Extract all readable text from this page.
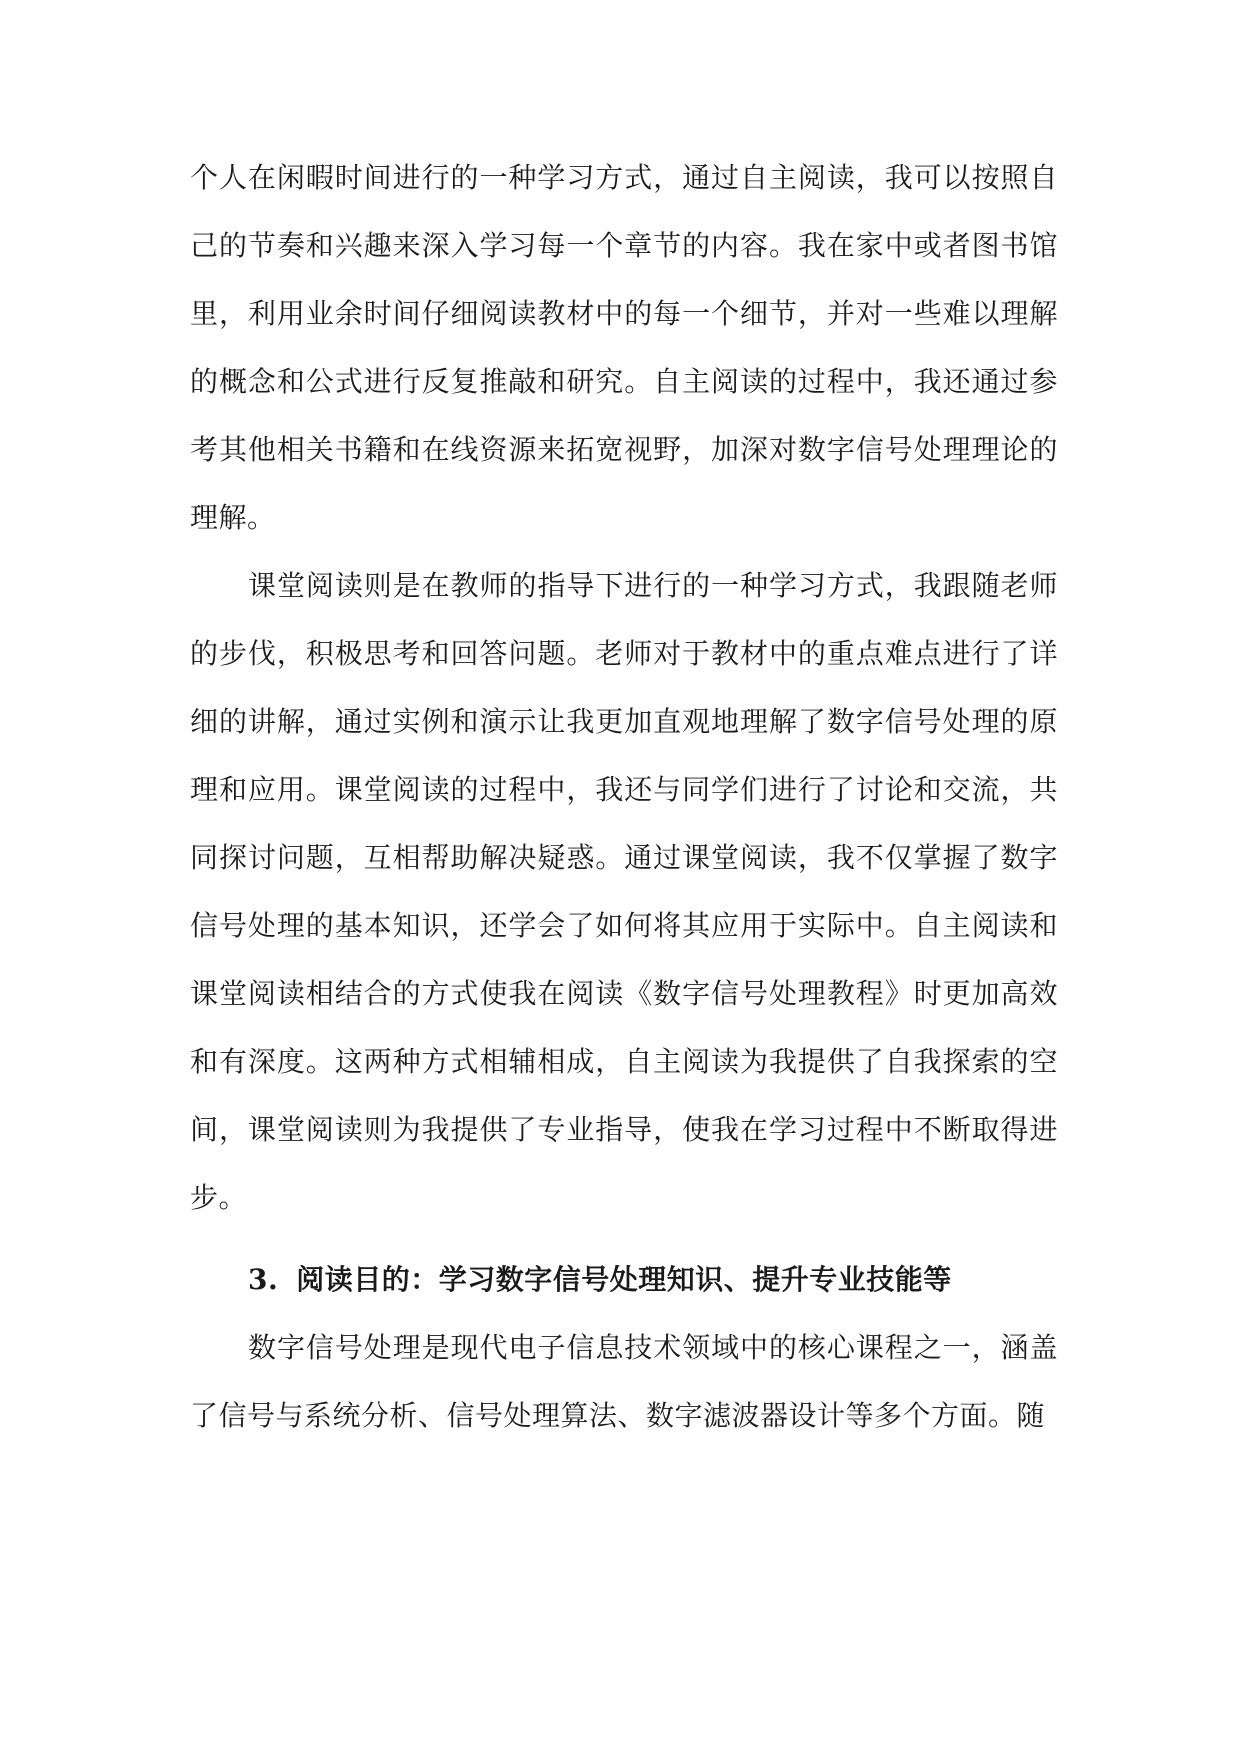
个人在闲暇时间进行的一种学习方式，通过自主阅读，我可以按照自己的节奏和兴趣来深入学习每一个章节的内容。我在家中或者图书馆里，利用业余时间仔细阅读教材中的每一个细节，并对一些难以理解的概念和公式进行反复推敲和研究。自主阅读的过程中，我还通过参考其他相关书籍和在线资源来拓宽视野，加深对数字信号处理理论的理解。

课堂阅读则是在教师的指导下进行的一种学习方式，我跟随老师的步伐，积极思考和回答问题。老师对于教材中的重点难点进行了详细的讲解，通过实例和演示让我更加直观地理解了数字信号处理的原理和应用。课堂阅读的过程中，我还与同学们进行了讨论和交流，共同探讨问题，互相帮助解决疑惑。通过课堂阅读，我不仅掌握了数字信号处理的基本知识，还学会了如何将其应用于实际中。自主阅读和课堂阅读相结合的方式使我在阅读《数字信号处理教程》时更加高效和有深度。这两种方式相辅相成，自主阅读为我提供了自我探索的空间，课堂阅读则为我提供了专业指导，使我在学习过程中不断取得进步。

3. 阅读目的：学习数字信号处理知识、提升专业技能等

数字信号处理是现代电子信息技术领域中的核心课程之一，涵盖了信号与系统分析、信号处理算法、数字滤波器设计等多个方面。随
